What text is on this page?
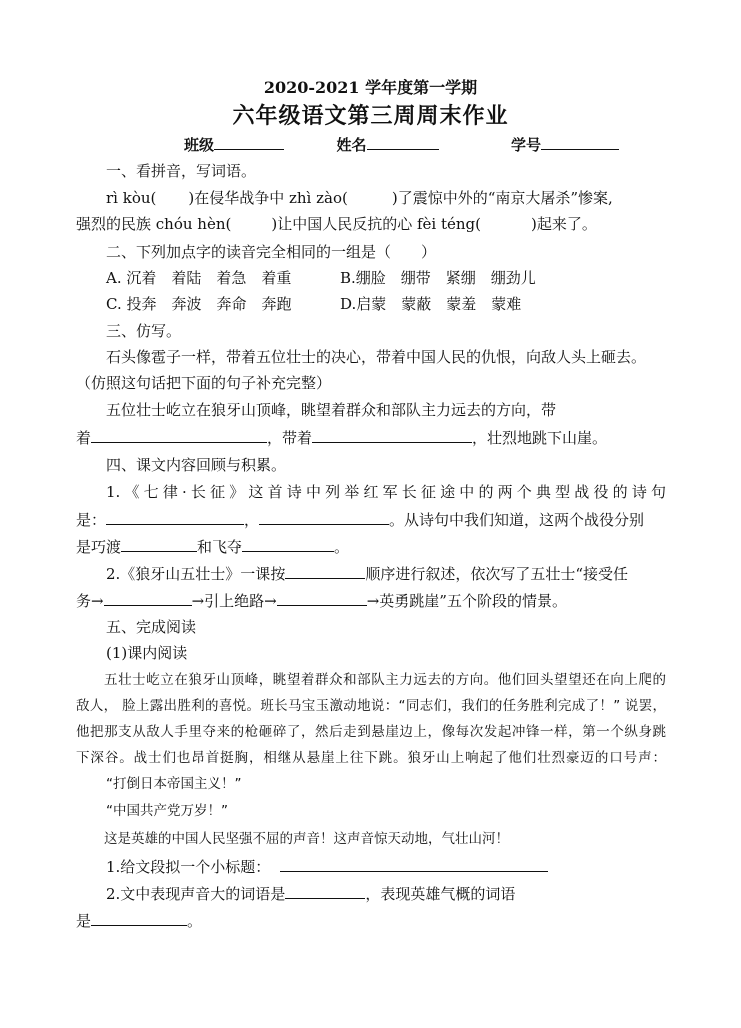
2020-2021 学年度第一学期
六年级语文第三周周末作业
班级	姓名	学号
一、看拼音，写词语。
rì kòu( )在侵华战争中 zhì zào(	)了震惊中外的“南京大屠杀”惨案,
强烈的民族 chóu hèn(	)让中国人民反抗的心 fèi téng(	)起来了。
二、下列加点字的读音完全相同的一组是（　　）
A. 沉着　着陆　着急　着重	B.绷脸　绷带　紧绷　绷劲儿
C. 投奔　奔波　奔命　奔跑	D.启蒙　蒙蔽　蒙羞　蒙难
三、仿写。
石头像雹子一样，带着五位壮士的决心，带着中国人民的仇恨，向敌人头上砸去。
（仿照这句话把下面的句子补充完整）
五位壮士屹立在狼牙山顶峰，眺望着群众和部队主力远去的方向，带
着	，带着	，壮烈地跳下山崖。
四、课文内容回顾与积累。
1.《七律·长征》这首诗中列举红军长征途中的两个典型战役的诗句
是：	，	。从诗句中我们知道，这两个战役分别
是巧渡	和飞夺	。
2.《狼牙山五壮士》一课按	顺序进行叙述，依次写了五壮士“接受任
务→	→引上绝路→	→英勇跳崖”五个阶段的情景。
五、完成阅读
(1)课内阅读
五壮士屹立在狼牙山顶峰，眺望着群众和部队主力远去的方向。他们回头望望还在向上爬的
敌人， 脸上露出胜利的喜悦。班长马宝玉激动地说：“同志们，我们的任务胜利完成了！” 说罢，
他把那支从敌人手里夺来的枪砸碎了，然后走到悬崖边上，像每次发起冲锋一样，第一个纵身跳
下深谷。战士们也昂首挺胸，相继从悬崖上往下跳。狼牙山上响起了他们壮烈豪迈的口号声：
“打倒日本帝国主义！”
“中国共产党万岁！”
这是英雄的中国人民坚强不屈的声音！这声音惊天动地，气壮山河！
1.给文段拟一个小标题：
2.文中表现声音大的词语是	，表现英雄气概的词语
是	。
